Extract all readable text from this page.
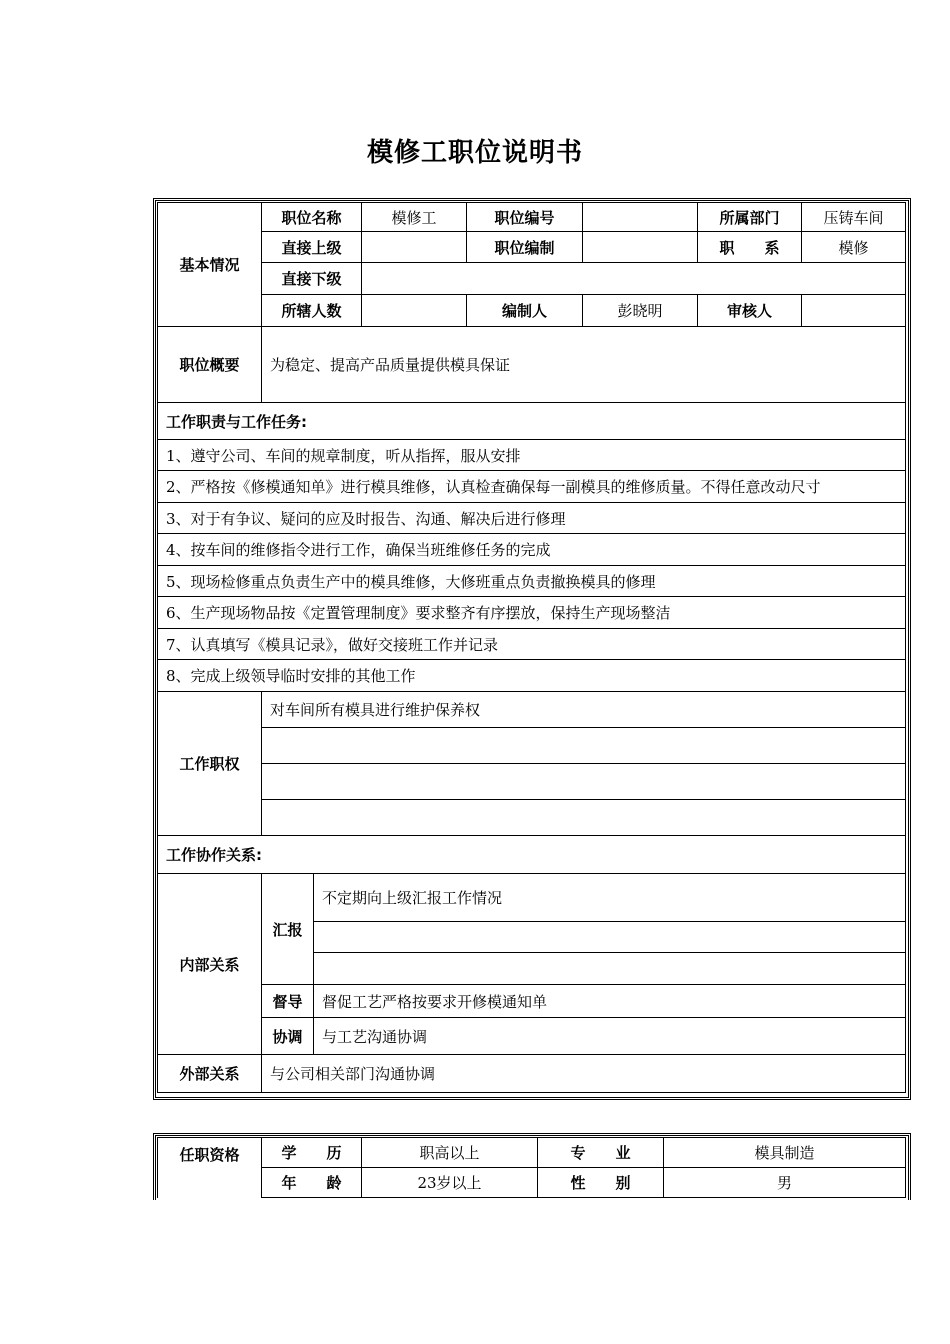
模修工职位说明书
基本情况	职位名称		模修工	职位编号		所属部门	压铸车间
	直接上级			职位编制		职　　系	模修
	直接下级						
	所辖人数			编制人	彭晓明	审核人	
职位概要	为稳定、提高产品质量提供模具保证						
工作职责与工作任务:							
1、遵守公司、车间的规章制度，听从指挥，服从安排							
2、严格按《修模通知单》进行模具维修，认真检查确保每一副模具的维修质量。不得任意改动尺寸							
3、对于有争议、疑问的应及时报告、沟通、解决后进行修理							
4、按车间的维修指令进行工作，确保当班维修任务的完成							
5、现场检修重点负责生产中的模具维修，大修班重点负责撤换模具的修理							
6、生产现场物品按《定置管理制度》要求整齐有序摆放，保持生产现场整洁							
7、认真填写《模具记录》，做好交接班工作并记录							
8、完成上级领导临时安排的其他工作							
工作职权	对车间所有模具进行维护保养权						

工作协作关系:							
内部关系	汇报	不定期向上级汇报工作情况					

	督导	督促工艺严格按要求开修模通知单					
	协调	与工艺沟通协调					
外部关系	与公司相关部门沟通协调						
任职资格	学　　历	职高以上	专　　业	模具制造
	年　　龄	23岁以上	性　　别	男
